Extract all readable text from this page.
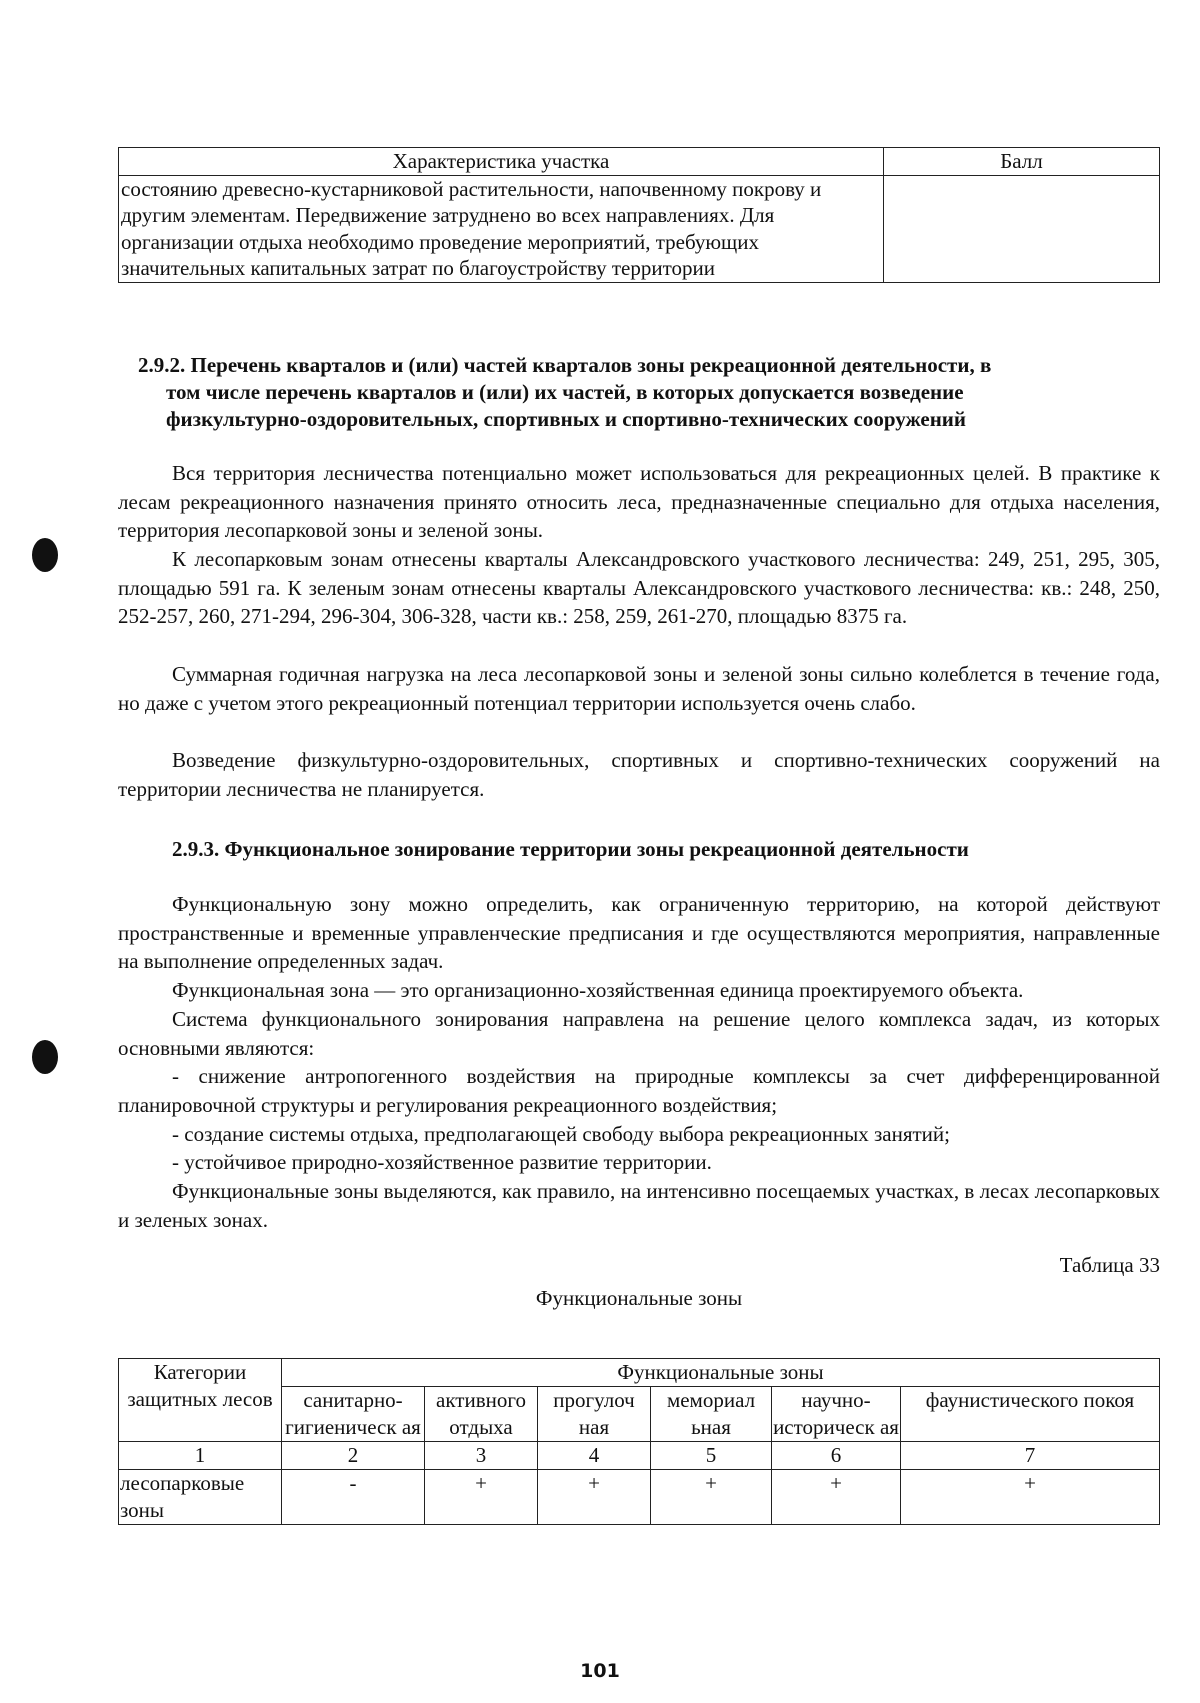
Характеристика участка	Балл
состоянию древесно-кустарниковой растительности, напочвенному покрову и другим элементам. Передвижение затруднено во всех направлениях. Для организации отдыха необходимо проведение мероприятий, требующих значительных капитальных затрат по благоустройству территории	

2.9.2. Перечень кварталов и (или) частей кварталов зоны рекреационной деятельности, в
том числе перечень кварталов и (или) их частей, в которых допускается возведение
физкультурно-оздоровительных, спортивных и спортивно-технических сооружений

Вся территория лесничества потенциально может использоваться для рекреационных целей. В практике к лесам рекреационного назначения принято относить леса, предназначенные специально для отдыха населения, территория лесопарковой зоны и зеленой зоны.

К лесопарковым зонам отнесены кварталы Александровского участкового лесничества: 249, 251, 295, 305, площадью 591 га. К зеленым зонам отнесены кварталы Александровского участкового лесничества: кв.: 248, 250, 252-257, 260, 271-294, 296-304, 306-328, части кв.: 258, 259, 261-270, площадью 8375 га.

Суммарная годичная нагрузка на леса лесопарковой зоны и зеленой зоны сильно колеблется в течение года, но даже с учетом этого рекреационный потенциал территории используется очень слабо.

Возведение физкультурно-оздоровительных, спортивных и спортивно-технических сооружений на территории лесничества не планируется.

2.9.3. Функциональное зонирование территории зоны рекреационной деятельности

Функциональную зону можно определить, как ограниченную территорию, на которой действуют пространственные и временные управленческие предписания и где осуществляются мероприятия, направленные на выполнение определенных задач.

Функциональная зона — это организационно-хозяйственная единица проектируемого объекта.

Система функционального зонирования направлена на решение целого комплекса задач, из которых основными являются:

- снижение антропогенного воздействия на природные комплексы за счет дифференцированной планировочной структуры и регулирования рекреационного воздействия;

- создание системы отдыха, предполагающей свободу выбора рекреационных занятий;

- устойчивое природно-хозяйственное развитие территории.

Функциональные зоны выделяются, как правило, на интенсивно посещаемых участках, в лесах лесопарковых и зеленых зонах.

Таблица 33

Функциональные зоны

Категории защитных лесов	Функциональные зоны					
	санитарно-гигиеническ ая	активного отдыха	прогулоч ная	мемориал ьная	научно-историческ ая	фаунистического покоя
1	2	3	4	5	6	7
лесопарковые зоны	-	+	+	+	+	+

101
